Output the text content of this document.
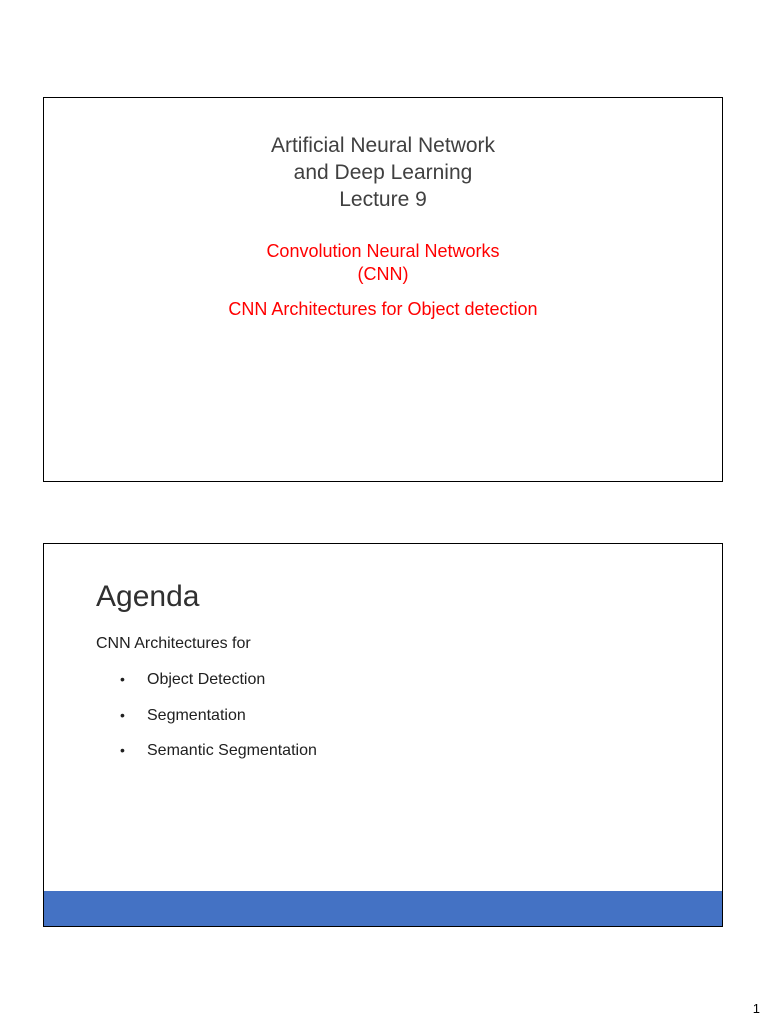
Artificial Neural Network
and Deep Learning
Lecture 9
Convolution Neural Networks
(CNN)
CNN Architectures for Object detection
Agenda
CNN Architectures for
• Object Detection
• Segmentation
• Semantic Segmentation
1
